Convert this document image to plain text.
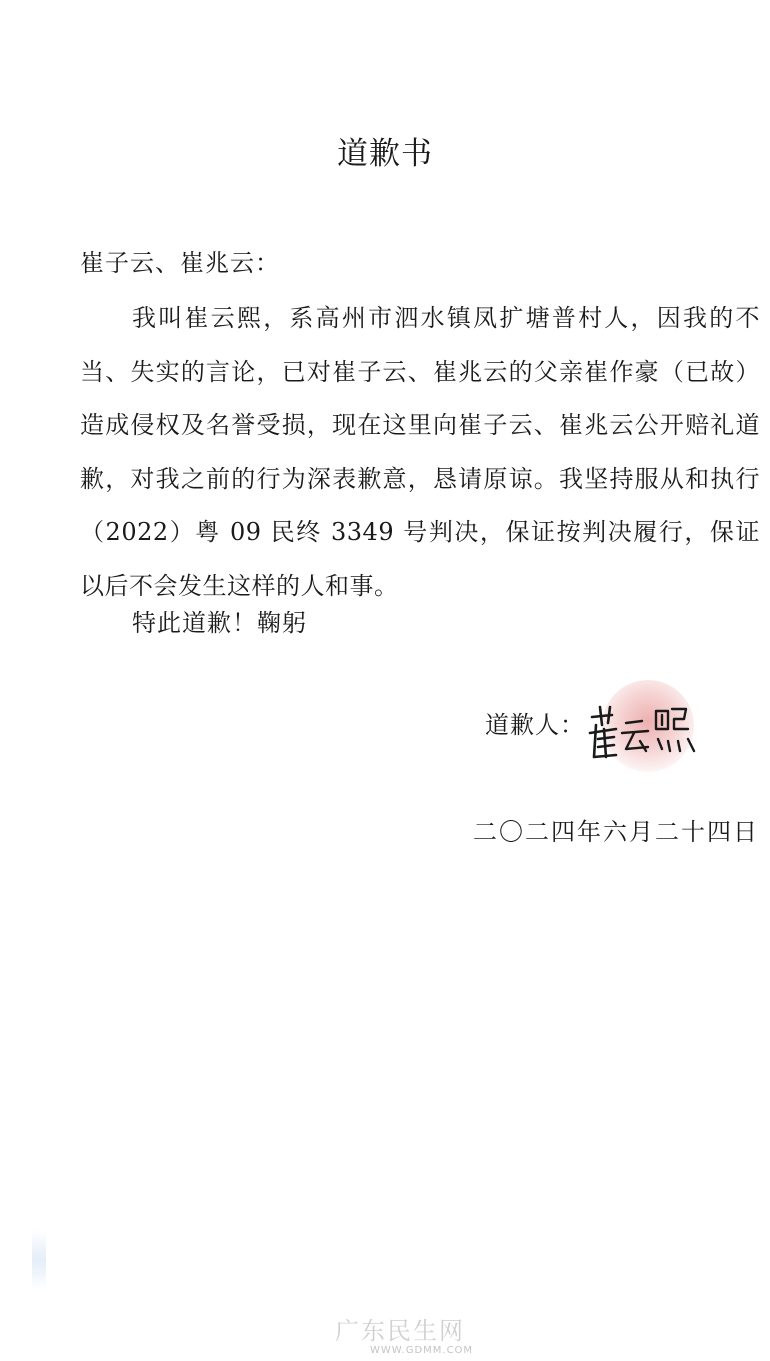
道歉书
崔子云、崔兆云：

我叫崔云熙，系高州市泗水镇凤扩塘普村人，因我的不当、失实的言论，已对崔子云、崔兆云的父亲崔作豪（已故）造成侵权及名誉受损，现在这里向崔子云、崔兆云公开赔礼道歉，对我之前的行为深表歉意，恳请原谅。我坚持服从和执行（2022）粤 09 民终 3349 号判决，保证按判决履行，保证以后不会发生这样的人和事。

特此道歉！鞠躬
道歉人：
二〇二四年六月二十四日
广东民生网
WWW.GDMM.COM
